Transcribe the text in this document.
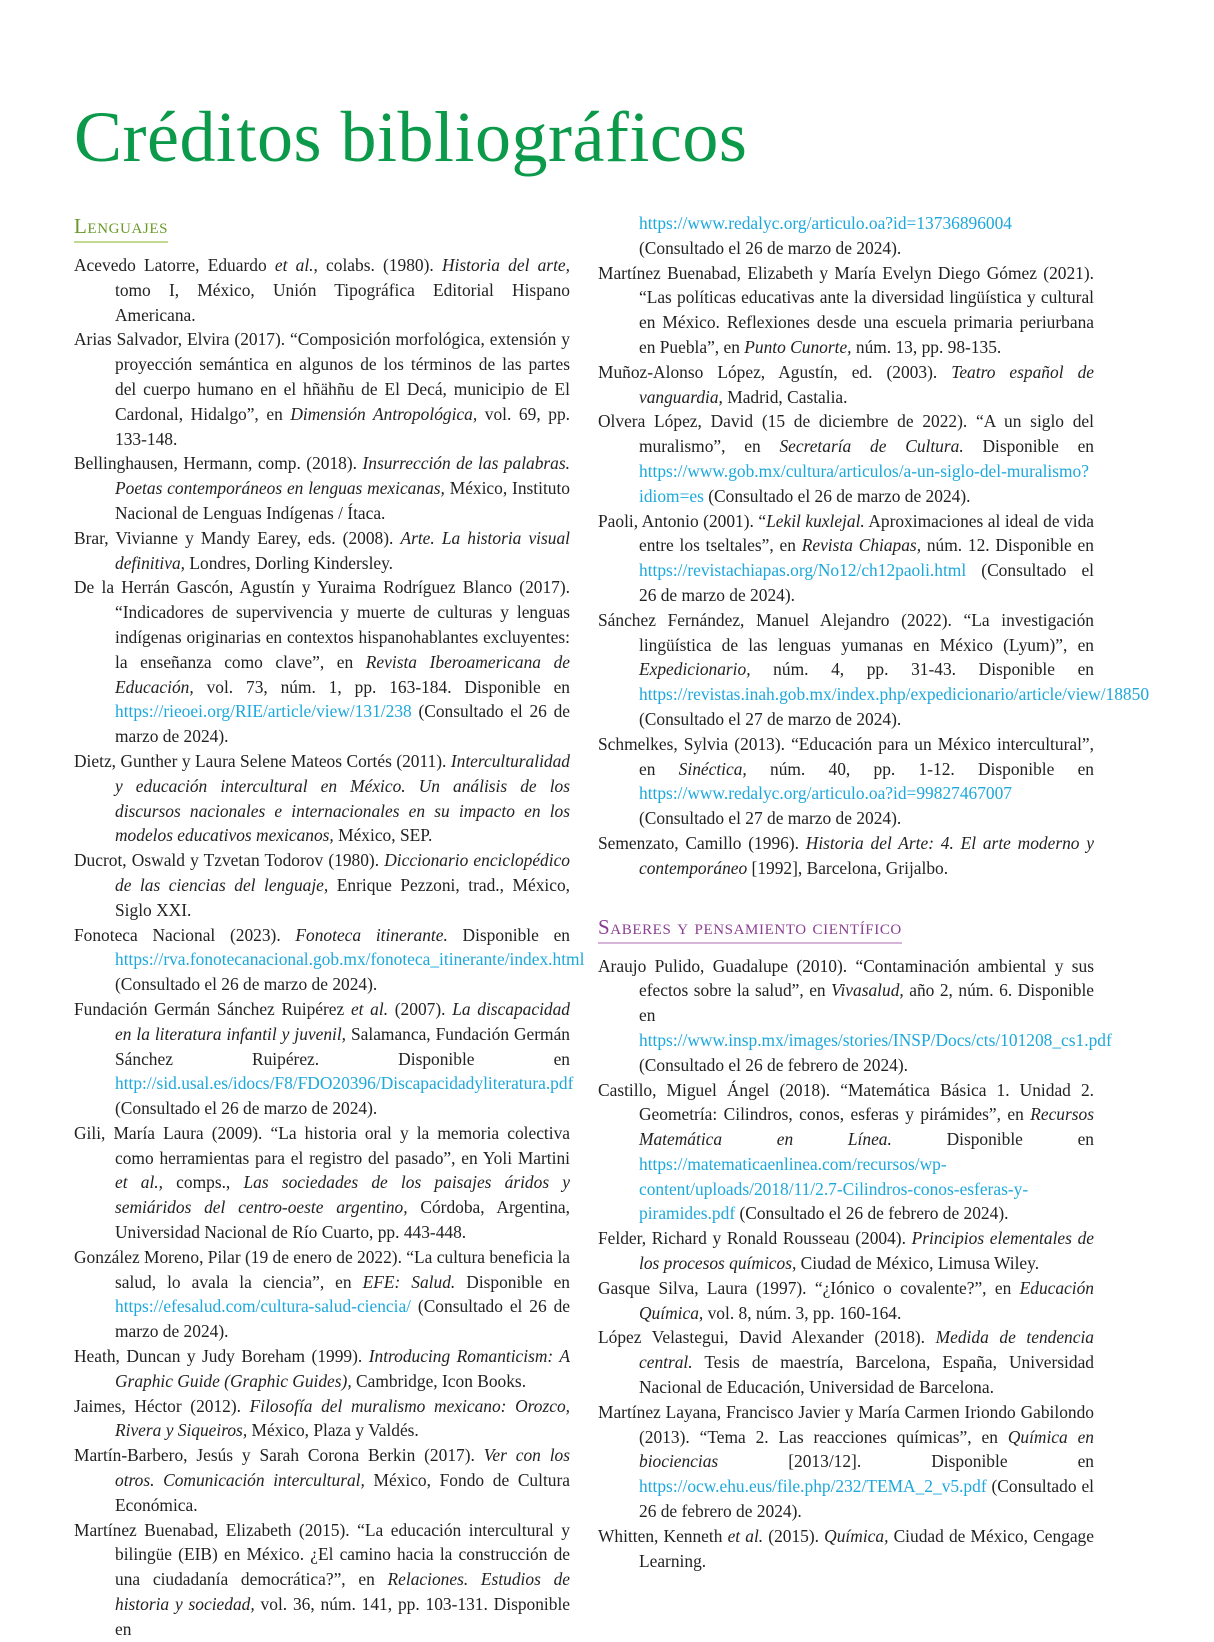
Créditos bibliográficos
Lenguajes

Acevedo Latorre, Eduardo et al., colabs. (1980). Historia del arte, tomo I, México, Unión Tipográfica Editorial Hispano Americana.

Arias Salvador, Elvira (2017). “Composición morfológica, extensión y proyección semántica en algunos de los términos de las partes del cuerpo humano en el hñähñu de El Decá, municipio de El Cardonal, Hidalgo”, en Dimensión Antropológica, vol. 69, pp. 133-148.

Bellinghausen, Hermann, comp. (2018). Insurrección de las palabras. Poetas contemporáneos en lenguas mexicanas, México, Instituto Nacional de Lenguas Indígenas / Ítaca.

Brar, Vivianne y Mandy Earey, eds. (2008). Arte. La historia visual definitiva, Londres, Dorling Kindersley.

De la Herrán Gascón, Agustín y Yuraima Rodríguez Blanco (2017). “Indicadores de supervivencia y muerte de culturas y lenguas indígenas originarias en contextos hispanohablantes excluyentes: la enseñanza como clave”, en Revista Iberoamericana de Educación, vol. 73, núm. 1, pp. 163-184. Disponible en https://rieoei.org/RIE/article/view/131/238 (Consultado el 26 de marzo de 2024).

Dietz, Gunther y Laura Selene Mateos Cortés (2011). Interculturalidad y educación intercultural en México. Un análisis de los discursos nacionales e internacionales en su impacto en los modelos educativos mexicanos, México, SEP.

Ducrot, Oswald y Tzvetan Todorov (1980). Diccionario enciclopédico de las ciencias del lenguaje, Enrique Pezzoni, trad., México, Siglo XXI.

Fonoteca Nacional (2023). Fonoteca itinerante. Disponible en https://rva.fonotecanacional.gob.mx/fonoteca_itinerante/index.html (Consultado el 26 de marzo de 2024).

Fundación Germán Sánchez Ruipérez et al. (2007). La discapacidad en la literatura infantil y juvenil, Salamanca, Fundación Germán Sánchez Ruipérez. Disponible en http://sid.usal.es/idocs/F8/FDO20396/Discapacidadyliteratura.pdf (Consultado el 26 de marzo de 2024).

Gili, María Laura (2009). “La historia oral y la memoria colectiva como herramientas para el registro del pasado”, en Yoli Martini et al., comps., Las sociedades de los paisajes áridos y semiáridos del centro-oeste argentino, Córdoba, Argentina, Universidad Nacional de Río Cuarto, pp. 443-448.

González Moreno, Pilar (19 de enero de 2022). “La cultura beneficia la salud, lo avala la ciencia”, en EFE: Salud. Disponible en https://efesalud.com/cultura-salud-ciencia/ (Consultado el 26 de marzo de 2024).

Heath, Duncan y Judy Boreham (1999). Introducing Romanticism: A Graphic Guide (Graphic Guides), Cambridge, Icon Books.

Jaimes, Héctor (2012). Filosofía del muralismo mexicano: Orozco, Rivera y Siqueiros, México, Plaza y Valdés.

Martín-Barbero, Jesús y Sarah Corona Berkin (2017). Ver con los otros. Comunicación intercultural, México, Fondo de Cultura Económica.

Martínez Buenabad, Elizabeth (2015). “La educación intercultural y bilingüe (EIB) en México. ¿El camino hacia la construcción de una ciudadanía democrática?”, en Relaciones. Estudios de historia y sociedad, vol. 36, núm. 141, pp. 103-131. Disponible en

https://www.redalyc.org/articulo.oa?id=13736896004 (Consultado el 26 de marzo de 2024).

Martínez Buenabad, Elizabeth y María Evelyn Diego Gómez (2021). “Las políticas educativas ante la diversidad lingüística y cultural en México. Reflexiones desde una escuela primaria periurbana en Puebla”, en Punto Cunorte, núm. 13, pp. 98-135.

Muñoz-Alonso López, Agustín, ed. (2003). Teatro español de vanguardia, Madrid, Castalia.

Olvera López, David (15 de diciembre de 2022). “A un siglo del muralismo”, en Secretaría de Cultura. Disponible en https://www.gob.mx/cultura/articulos/a-un-siglo-del-muralismo?idiom=es (Consultado el 26 de marzo de 2024).

Paoli, Antonio (2001). “Lekil kuxlejal. Aproximaciones al ideal de vida entre los tseltales”, en Revista Chiapas, núm. 12. Disponible en https://revistachiapas.org/No12/ch12paoli.html (Consultado el 26 de marzo de 2024).

Sánchez Fernández, Manuel Alejandro (2022). “La investigación lingüística de las lenguas yumanas en México (Lyum)”, en Expedicionario, núm. 4, pp. 31-43. Disponible en https://revistas.inah.gob.mx/index.php/expedicionario/article/view/18850 (Consultado el 27 de marzo de 2024).

Schmelkes, Sylvia (2013). “Educación para un México intercultural”, en Sinéctica, núm. 40, pp. 1-12. Disponible en https://www.redalyc.org/articulo.oa?id=99827467007 (Consultado el 27 de marzo de 2024).

Semenzato, Camillo (1996). Historia del Arte: 4. El arte moderno y contemporáneo [1992], Barcelona, Grijalbo.

Saberes y pensamiento científico

Araujo Pulido, Guadalupe (2010). “Contaminación ambiental y sus efectos sobre la salud”, en Vivasalud, año 2, núm. 6. Disponible en https://www.insp.mx/images/stories/INSP/Docs/cts/101208_cs1.pdf (Consultado el 26 de febrero de 2024).

Castillo, Miguel Ángel (2018). “Matemática Básica 1. Unidad 2. Geometría: Cilindros, conos, esferas y pirámides”, en Recursos Matemática en Línea. Disponible en https://matematicaenlinea.com/recursos/wp-content/uploads/2018/11/2.7-Cilindros-conos-esferas-y-piramides.pdf (Consultado el 26 de febrero de 2024).

Felder, Richard y Ronald Rousseau (2004). Principios elementales de los procesos químicos, Ciudad de México, Limusa Wiley.

Gasque Silva, Laura (1997). “¿Iónico o covalente?”, en Educación Química, vol. 8, núm. 3, pp. 160-164.

López Velastegui, David Alexander (2018). Medida de tendencia central. Tesis de maestría, Barcelona, España, Universidad Nacional de Educación, Universidad de Barcelona.

Martínez Layana, Francisco Javier y María Carmen Iriondo Gabilondo (2013). “Tema 2. Las reacciones químicas”, en Química en biociencias [2013/12]. Disponible en https://ocw.ehu.eus/file.php/232/TEMA_2_v5.pdf (Consultado el 26 de febrero de 2024).

Whitten, Kenneth et al. (2015). Química, Ciudad de México, Cengage Learning.
